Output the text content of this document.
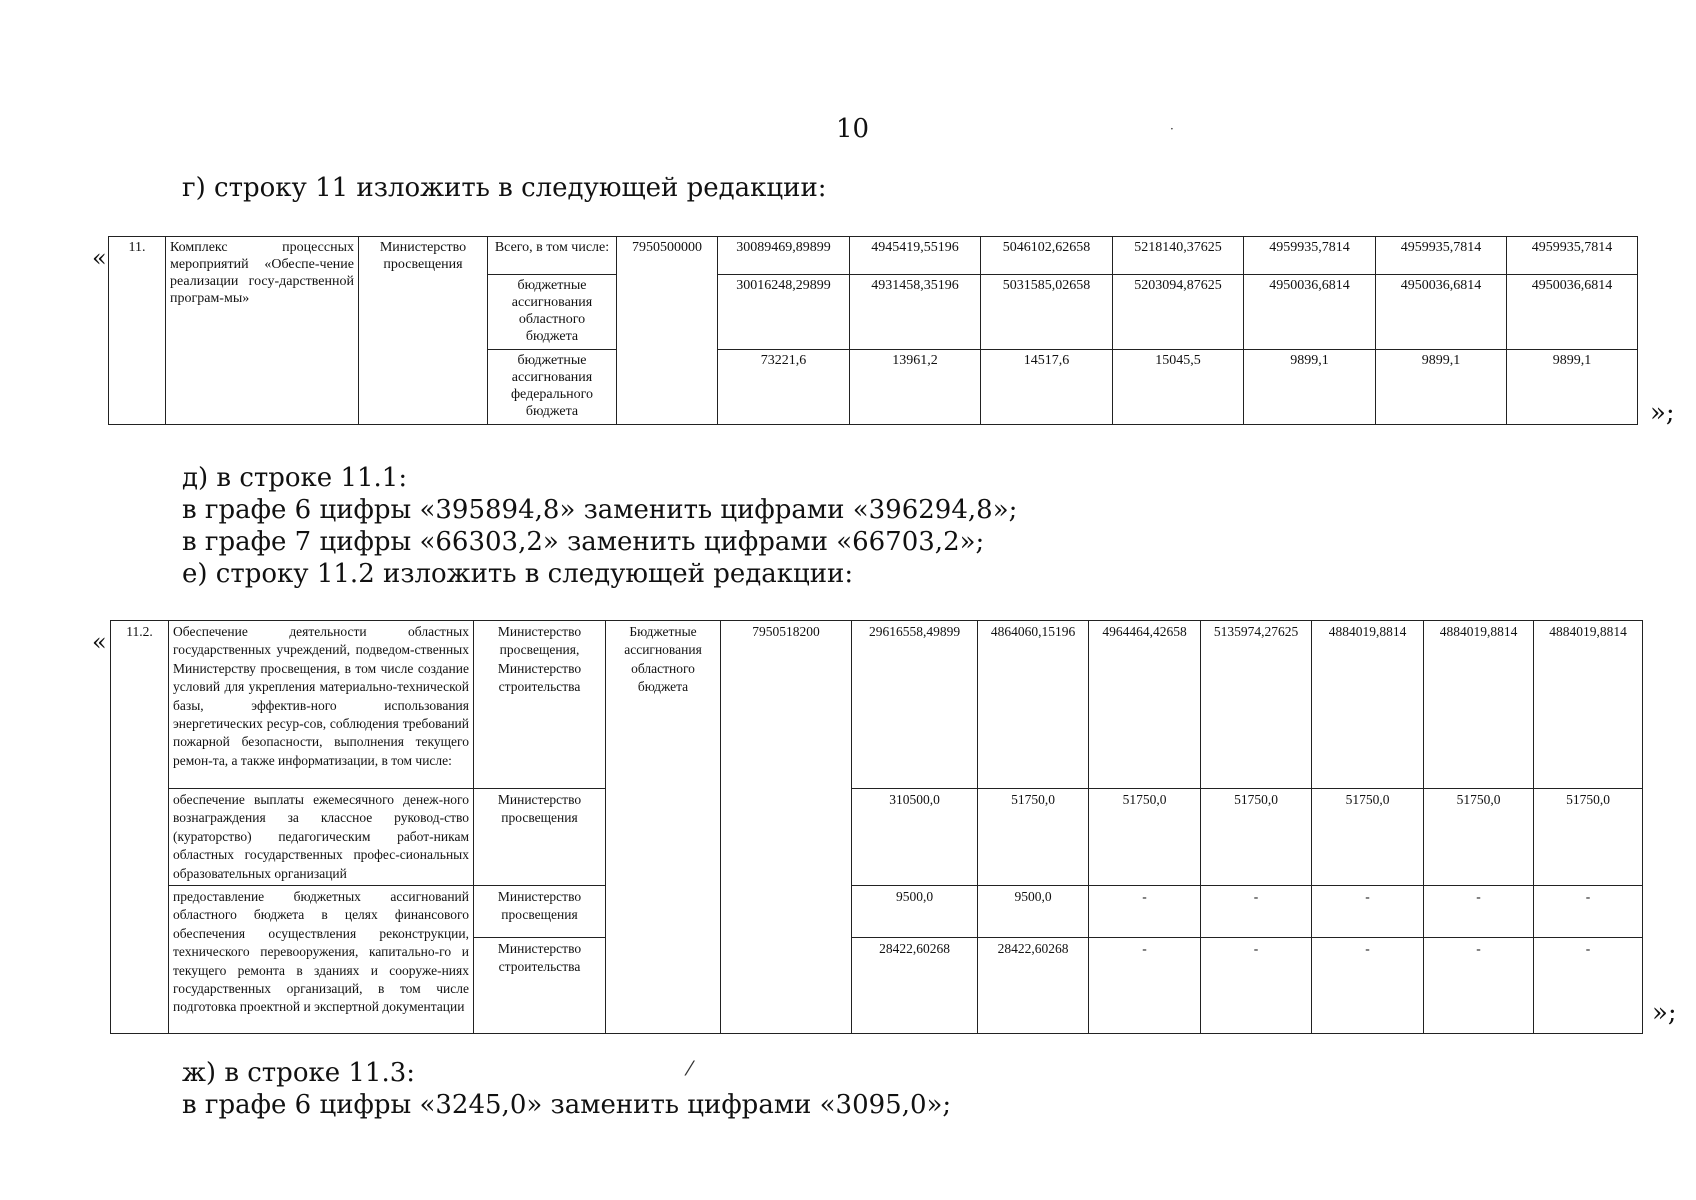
10
г) строку 11 изложить в следующей редакции:
« 11.	Комплекс процессных мероприятий «Обеспе-чение реализации госу-дарственной програм-мы»	Министерство просвещения	Всего, в том числе:	7950500000	30089469,89899	4945419,55196	5046102,62658	5218140,37625	4959935,7814	4959935,7814	4959935,7814
			бюджетные ассигнования областного бюджета		30016248,29899	4931458,35196	5031585,02658	5203094,87625	4950036,6814	4950036,6814	4950036,6814
			бюджетные ассигнования федерального бюджета		73221,6	13961,2	14517,6	15045,5	9899,1	9899,1	9899,1
»;
д) в строке 11.1:
в графе 6 цифры «395894,8» заменить цифрами «396294,8»;
в графе 7 цифры «66303,2» заменить цифрами «66703,2»;
е) строку 11.2 изложить в следующей редакции:
« 11.2.	Обеспечение деятельности областных государственных учреждений, подведом-ственных Министерству просвещения, в том числе создание условий для укрепления материально-технической базы, эффектив-ного использования энергетических ресур-сов, соблюдения требований пожарной безопасности, выполнения текущего ремон-та, а также информатизации, в том числе:	Министерство просвещения, Министерство строительства	Бюджетные ассигнования областного бюджета	7950518200	29616558,49899	4864060,15196	4964464,42658	5135974,27625	4884019,8814	4884019,8814	4884019,8814
	обеспечение выплаты ежемесячного денеж-ного вознаграждения за классное руковод-ство (кураторство) педагогическим работ-никам областных государственных профес-сиональных образовательных организаций	Министерство просвещения			310500,0	51750,0	51750,0	51750,0	51750,0	51750,0	51750,0
	предоставление бюджетных ассигнований областного бюджета в целях финансового обеспечения осуществления реконструкции, технического перевооружения, капитально-го и текущего ремонта в зданиях и сооруже-ниях государственных организаций, в том числе подготовка проектной и экспертной документации	Министерство просвещения			9500,0	9500,0	-	-	-	-	-
		Министерство строительства			28422,60268	28422,60268	-	-	-	-	-
»;
ж) в строке 11.3:
в графе 6 цифры «3245,0» заменить цифрами «3095,0»;
·
⁄
